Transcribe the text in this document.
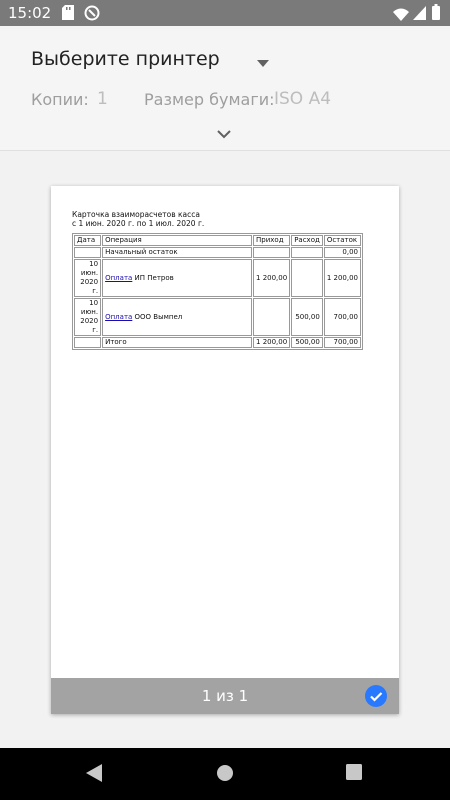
15:02
Выберите принтер
Копии: 1 Размер бумаги: ISO A4
Карточка взаиморасчетов касса
с 1 июн. 2020 г. по 1 июл. 2020 г.
Дата	Операция	Приход	Расход	Остаток
	Начальный остаток			0,00
10 июн. 2020 г.	Оплата ИП Петров	1 200,00		1 200,00
10 июн. 2020 г.	Оплата ООО Вымпел		500,00	700,00
	Итого	1 200,00	500,00	700,00
1 из 1
